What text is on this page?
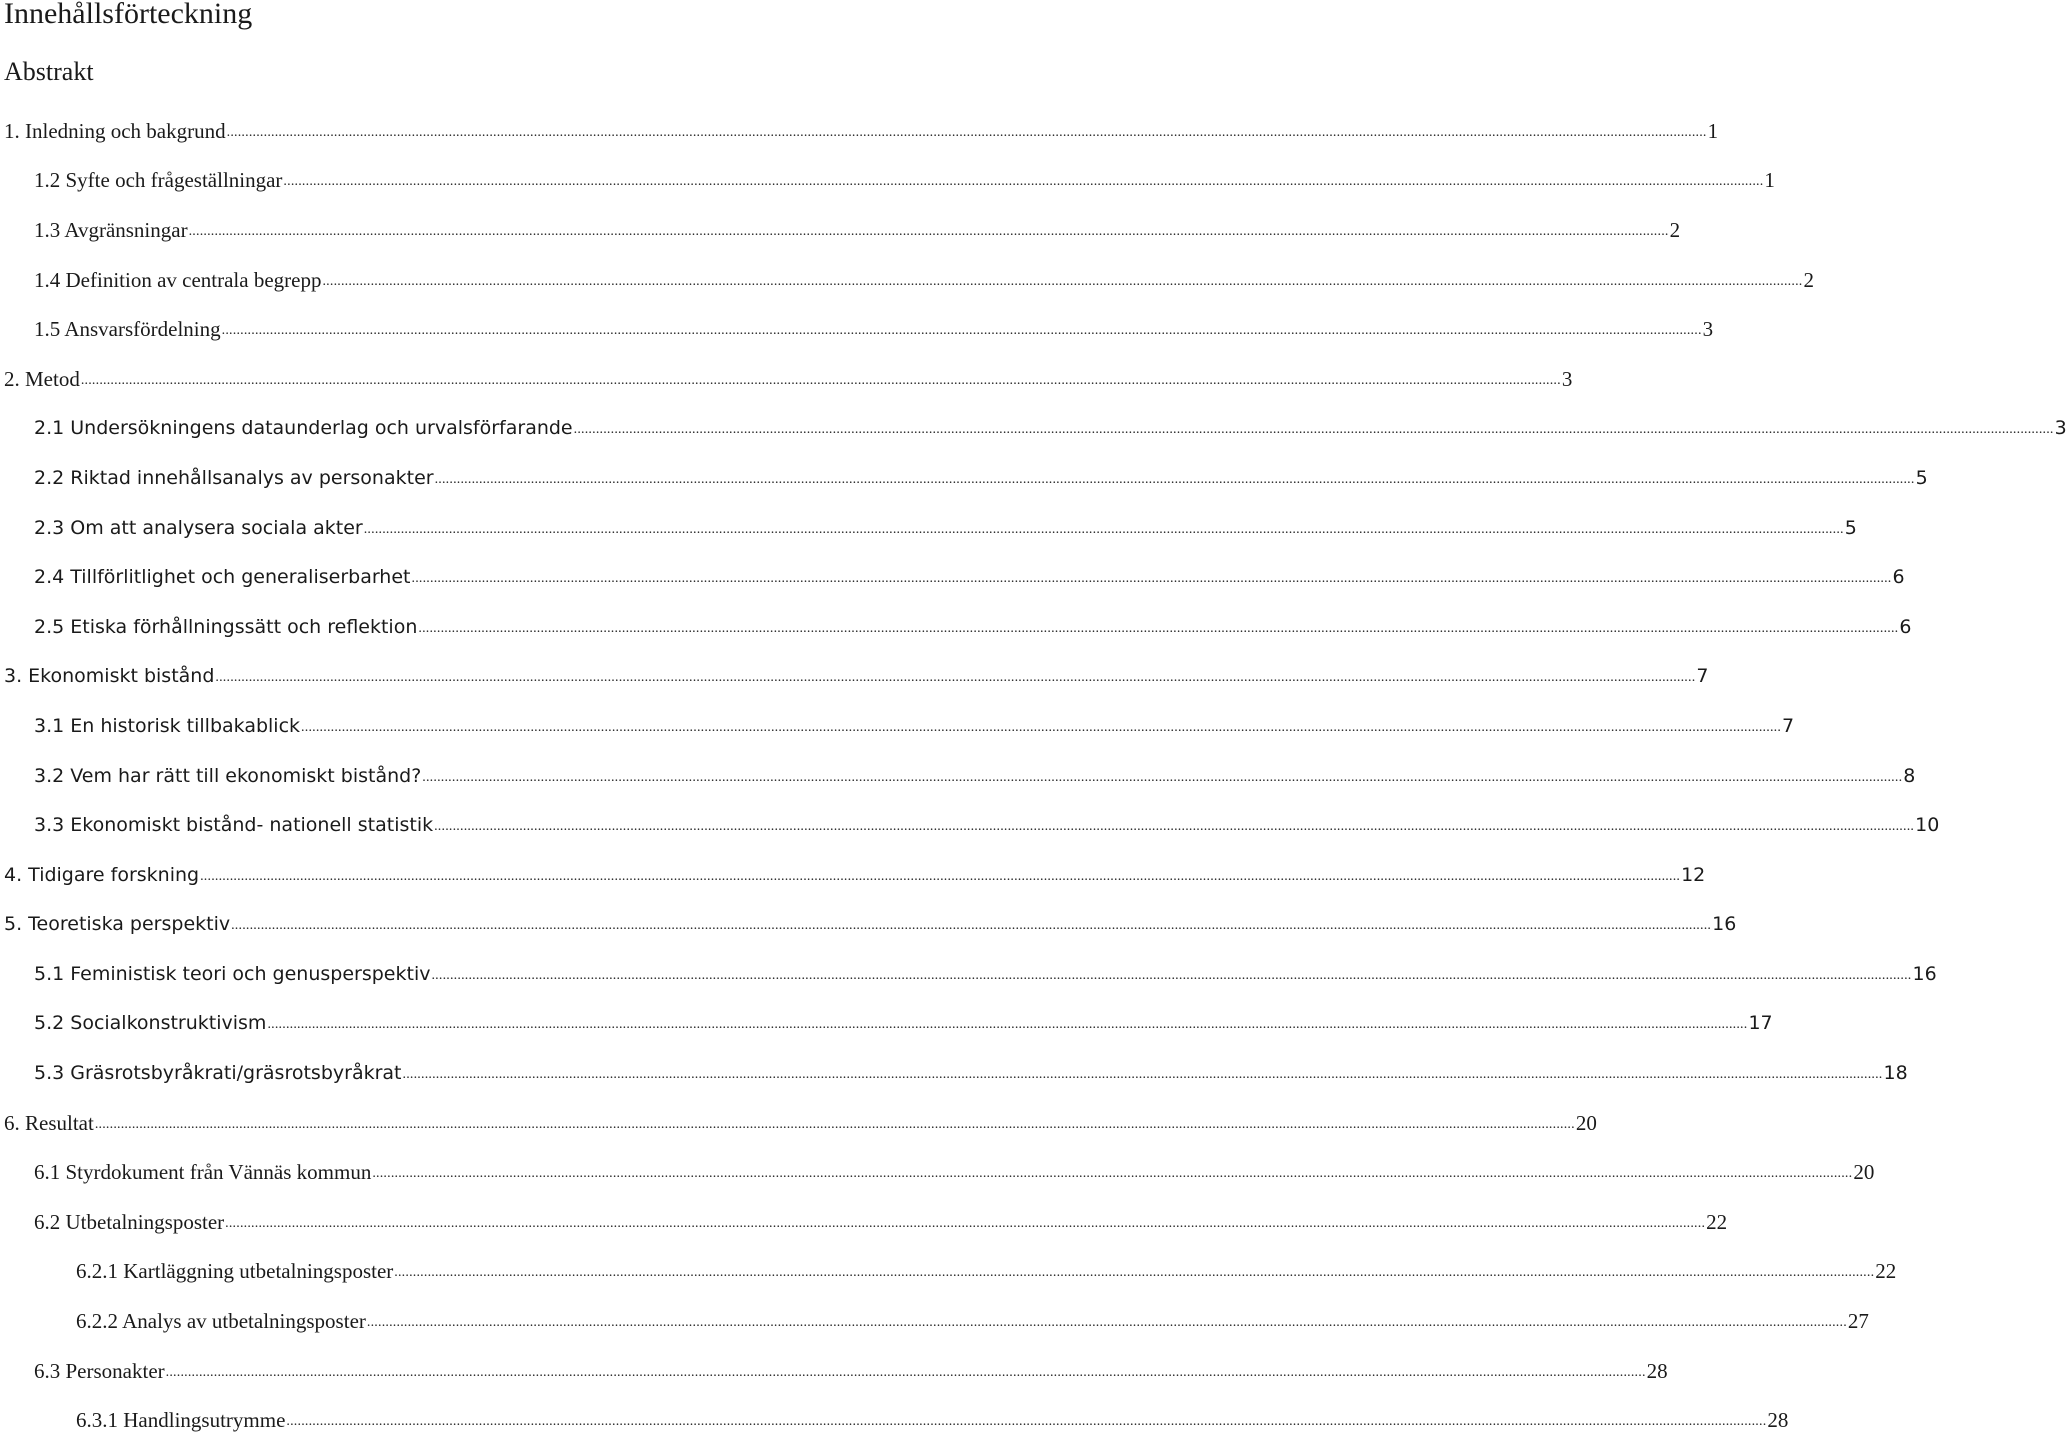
Innehållsförteckning
Abstrakt
1. Inledning och bakgrund ................................................................................................................................................................................................................................................................................................................................................................................................................ 1
1.2 Syfte och frågeställningar ................................................................................................................................................................................................................................................................................................................................................................................................................ 1
1.3 Avgränsningar ................................................................................................................................................................................................................................................................................................................................................................................................................ 2
1.4 Definition av centrala begrepp ................................................................................................................................................................................................................................................................................................................................................................................................................ 2
1.5 Ansvarsfördelning ................................................................................................................................................................................................................................................................................................................................................................................................................ 3
2. Metod ................................................................................................................................................................................................................................................................................................................................................................................................................ 3
2.1 Undersökningens dataunderlag och urvalsförfarande ................................................................................................................................................................................................................................................................................................................................................................................................................ 3
2.2 Riktad innehållsanalys av personakter ................................................................................................................................................................................................................................................................................................................................................................................................................ 5
2.3 Om att analysera sociala akter ................................................................................................................................................................................................................................................................................................................................................................................................................ 5
2.4 Tillförlitlighet och generaliserbarhet ................................................................................................................................................................................................................................................................................................................................................................................................................ 6
2.5 Etiska förhållningssätt och reflektion ................................................................................................................................................................................................................................................................................................................................................................................................................ 6
3. Ekonomiskt bistånd ................................................................................................................................................................................................................................................................................................................................................................................................................ 7
3.1 En historisk tillbakablick ................................................................................................................................................................................................................................................................................................................................................................................................................ 7
3.2 Vem har rätt till ekonomiskt bistånd? ................................................................................................................................................................................................................................................................................................................................................................................................................ 8
3.3 Ekonomiskt bistånd- nationell statistik ................................................................................................................................................................................................................................................................................................................................................................................................................ 10
4. Tidigare forskning ................................................................................................................................................................................................................................................................................................................................................................................................................ 12
5. Teoretiska perspektiv ................................................................................................................................................................................................................................................................................................................................................................................................................ 16
5.1 Feministisk teori och genusperspektiv ................................................................................................................................................................................................................................................................................................................................................................................................................ 16
5.2 Socialkonstruktivism ................................................................................................................................................................................................................................................................................................................................................................................................................ 17
5.3 Gräsrotsbyråkrati/gräsrotsbyråkrat ................................................................................................................................................................................................................................................................................................................................................................................................................ 18
6. Resultat ................................................................................................................................................................................................................................................................................................................................................................................................................ 20
6.1 Styrdokument från Vännäs kommun ................................................................................................................................................................................................................................................................................................................................................................................................................ 20
6.2 Utbetalningsposter ................................................................................................................................................................................................................................................................................................................................................................................................................ 22
6.2.1 Kartläggning utbetalningsposter ................................................................................................................................................................................................................................................................................................................................................................................................................ 22
6.2.2 Analys av utbetalningsposter ................................................................................................................................................................................................................................................................................................................................................................................................................ 27
6.3 Personakter ................................................................................................................................................................................................................................................................................................................................................................................................................ 28
6.3.1 Handlingsutrymme ................................................................................................................................................................................................................................................................................................................................................................................................................ 28
